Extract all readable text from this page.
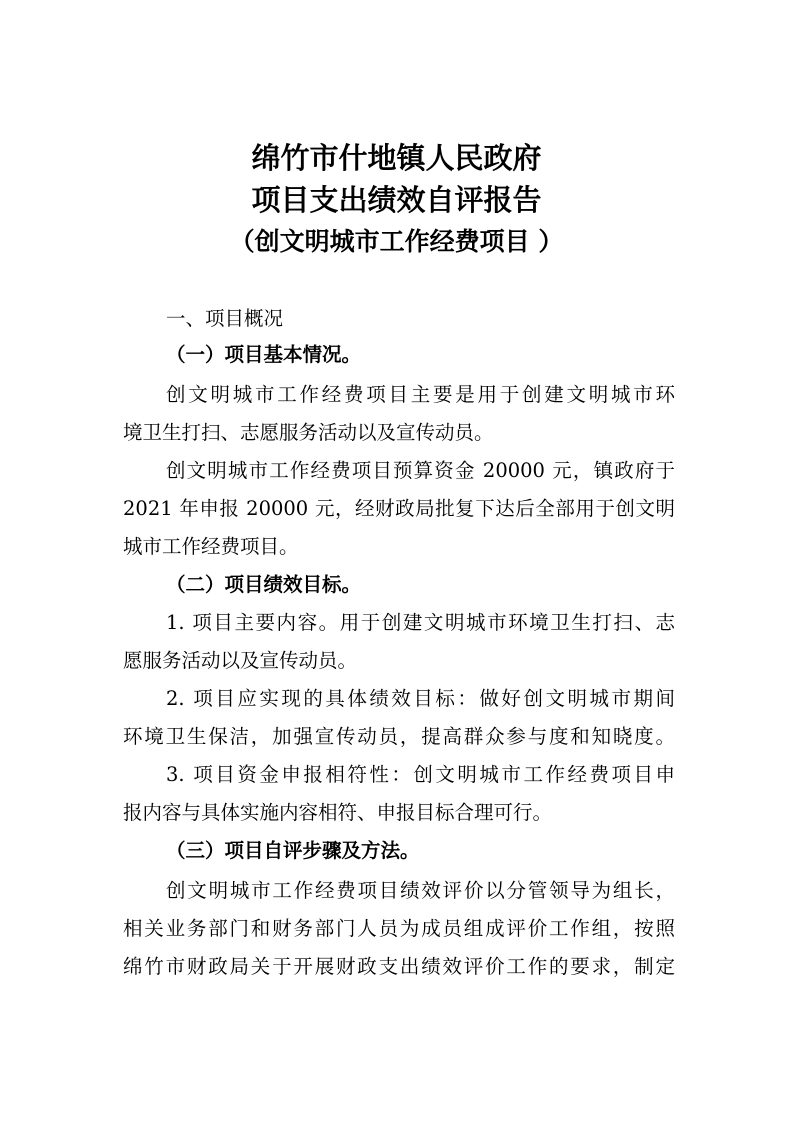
绵竹市什地镇人民政府
项目支出绩效自评报告
（创文明城市工作经费项目 ）
一、项目概况
（一）项目基本情况。
创文明城市工作经费项目主要是用于创建文明城市环
境卫生打扫、志愿服务活动以及宣传动员。
创文明城市工作经费项目预算资金 20000 元，镇政府于
2021 年申报 20000 元，经财政局批复下达后全部用于创文明
城市工作经费项目。
（二）项目绩效目标。
1. 项目主要内容。用于创建文明城市环境卫生打扫、志
愿服务活动以及宣传动员。
2. 项目应实现的具体绩效目标：做好创文明城市期间
环境卫生保洁，加强宣传动员，提高群众参与度和知晓度。
3. 项目资金申报相符性：创文明城市工作经费项目申
报内容与具体实施内容相符、申报目标合理可行。
（三）项目自评步骤及方法。
创文明城市工作经费项目绩效评价以分管领导为组长，
相关业务部门和财务部门人员为成员组成评价工作组，按照
绵竹市财政局关于开展财政支出绩效评价工作的要求，制定
